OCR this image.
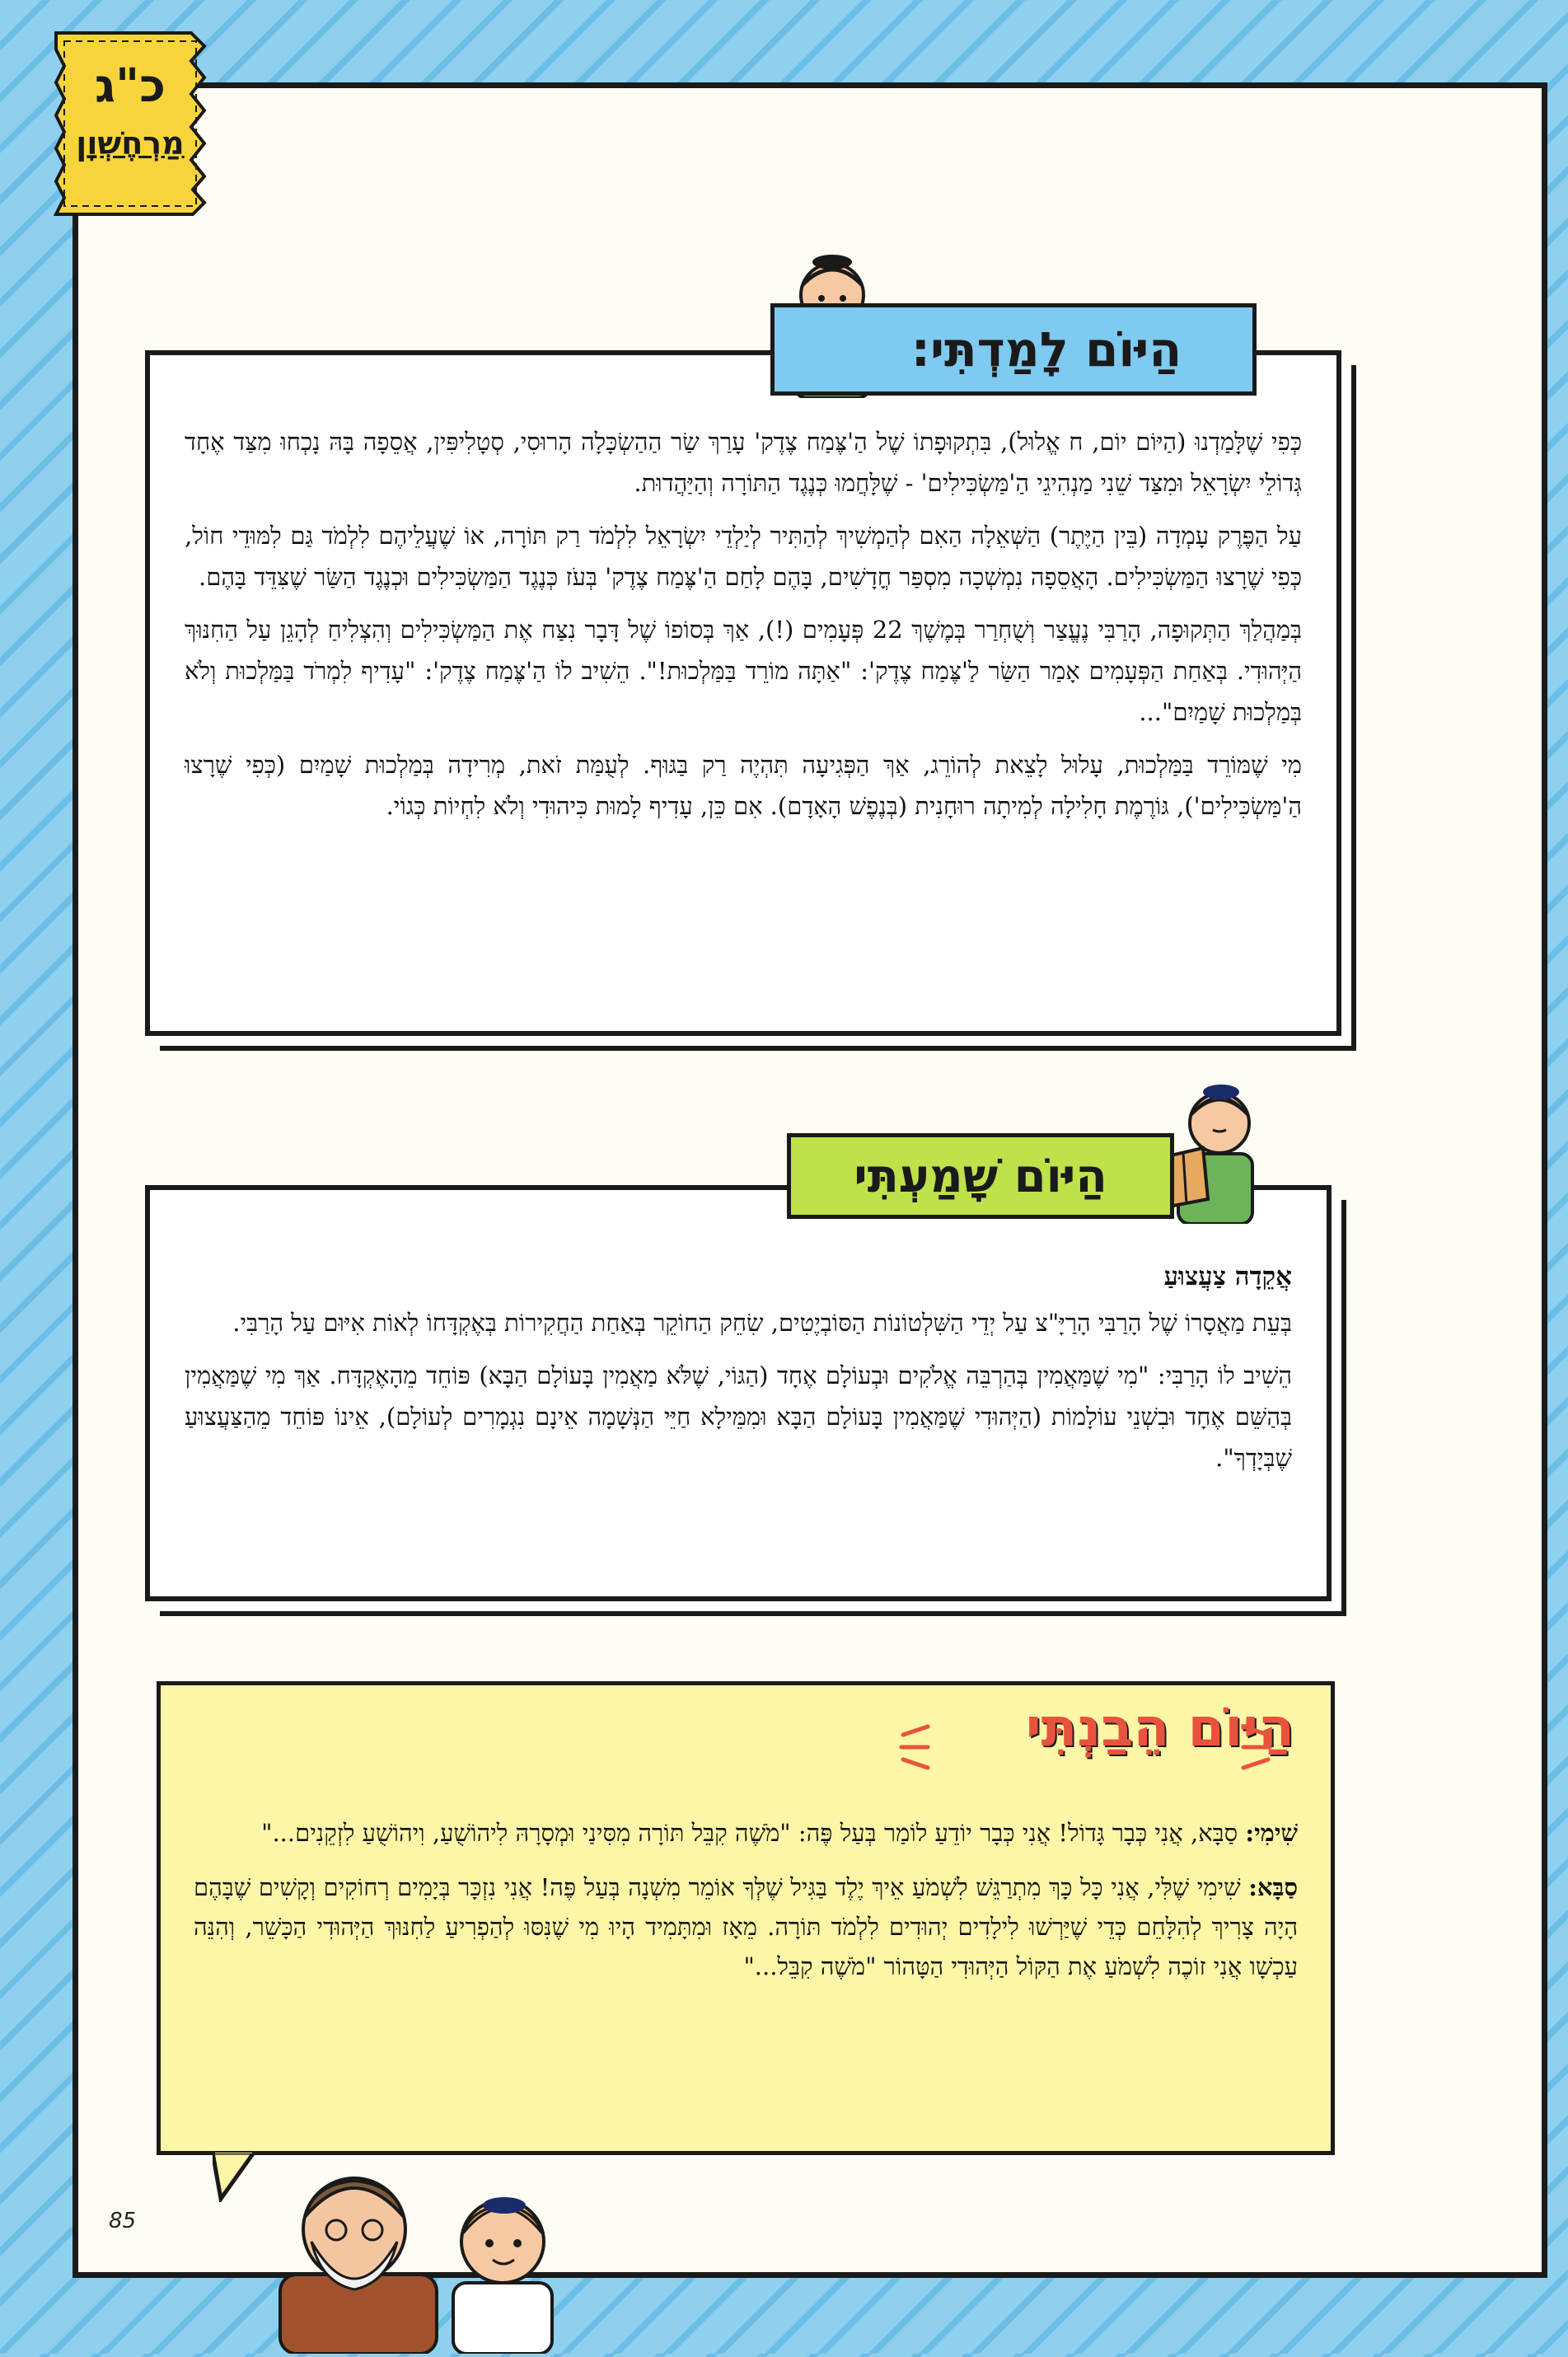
כ"ג
מַרְחֶשְׁוָן

כְּפִי שֶׁלָּמַדְנוּ (הַיּוֹם יוֹם, ח אֱלוּל), בִּתְקוּפָתוֹ שֶׁל הַ'צֶּמַח צֶדֶק' עָרַךְ שַׂר הַהַשְׂכָּלָה הָרוּסִי, סְטָלִיפִּין, אֲסֵפָה בָּהּ נָכְחוּ מִצַּד אֶחָד גְּדוֹלֵי יִשְׂרָאֵל וּמִצַּד שֵׁנִי מַנְהִיגֵי הַ'מַּשְׂכִּילִים' - שֶׁלָּחֲמוּ כְּנֶגֶד הַתּוֹרָה וְהַיַּהֲדוּת.

עַל הַפֶּרֶק עָמְדָה (בֵּין הַיֶּתֶר) הַשְּׁאֵלָה הַאִם לְהַמְשִׁיךְ לְהַתִּיר לְיַלְדֵי יִשְׂרָאֵל לִלְמֹד רַק תּוֹרָה, אוֹ שֶׁעֲלֵיהֶם לִלְמֹד גַּם לִמּוּדֵי חוֹל, כְּפִי שֶׁרָצוּ הַמַּשְׂכִּילִים. הָאֲסֵפָה נִמְשְׁכָה מִסְפַּר חֳדָשִׁים, בָּהֶם לָחַם הַ'צֶּמַח צֶדֶק' בְּעֹז כְּנֶגֶד הַמַּשְׂכִּילִים וּכְנֶגֶד הַשַּׂר שֶׁצִּדֵּד בָּהֶם.

בְּמַהֲלַךְ הַתְּקוּפָה, הָרַבִּי נֶעֱצַר וְשֻׁחְרַר בְּמֶשֶׁךְ 22 פְּעָמִים (!), אַךְ בְּסוֹפוֹ שֶׁל דָּבָר נִצַּח אֶת הַמַּשְׂכִּילִים וְהִצְלִיחַ לְהָגֵן עַל הַחִנּוּךְ הַיְּהוּדִי. בְּאַחַת הַפְּעָמִים אָמַר הַשַּׂר לַ'צֶּמַח צֶדֶק': "אַתָּה מוֹרֵד בַּמַּלְכוּת!". הֵשִׁיב לוֹ הַ'צֶּמַח צֶדֶק': "עָדִיף לִמְרֹד בַּמַּלְכוּת וְלֹא בְּמַלְכוּת שָׁמַיִם"...

מִי שֶׁמּוֹרֵד בַּמַּלְכוּת, עָלוּל לָצֵאת לְהוֹרֵג, אַךְ הַפְּגִיעָה תִּהְיֶה רַק בַּגּוּף. לְעֻמַּת זֹאת, מְרִידָה בְּמַלְכוּת שָׁמַיִם (כְּפִי שֶׁרָצוּ הַ'מַּשְׂכִּילִים'), גּוֹרֶמֶת חָלִילָה לְמִיתָה רוּחָנִית (בְּנֶפֶשׁ הָאָדָם). אִם כֵּן, עָדִיף לָמוּת כִּיהוּדִי וְלֹא לִחְיוֹת כְּגוֹי.

הַיּוֹם לָמַדְתִּי:

אֲקֵדָה צַעֲצוּעַ

בְּעֵת מַאֲסָרוֹ שֶׁל הָרַבִּי הָרַיָּ"צ עַל יְדֵי הַשִּׁלְטוֹנוֹת הַסּוֹבְיֶטִים, שִׂחֵק הַחוֹקֵר בְּאַחַת הַחֲקִירוֹת בְּאֶקְדָּחוֹ לְאוֹת אִיּוּם עַל הָרַבִּי.

הֵשִׁיב לוֹ הָרַבִּי: "מִי שֶׁמַּאֲמִין בְּהַרְבֵּה אֱלֹקִים וּבְעוֹלָם אֶחָד (הַגּוֹי, שֶׁלֹּא מַאֲמִין בָּעוֹלָם הַבָּא) פּוֹחֵד מֵהָאֶקְדָּח. אַךְ מִי שֶׁמַּאֲמִין בְּהַשֵּׁם אֶחָד וּבִשְׁנֵי עוֹלָמוֹת (הַיְּהוּדִי שֶׁמַּאֲמִין בָּעוֹלָם הַבָּא וּמִמֵּילָא חַיֵּי הַנְּשָׁמָה אֵינָם נִגְמָרִים לְעוֹלָם), אֵינוֹ פּוֹחֵד מֵהַצַּעֲצוּעַ שֶׁבְּיָדְךָ".

הַיּוֹם שָׁמַעְתִּי

שִׁימִי: סַבָּא, אֲנִי כְּבָר גָּדוֹל! אֲנִי כְּבָר יוֹדֵעַ לוֹמַר בְּעַל פֶּה: "מֹשֶׁה קִבֵּל תּוֹרָה מִסִּינַי וּמְסָרָהּ לִיהוֹשֻׁעַ, וִיהוֹשֻׁעַ לִזְקֵנִים..."

סַבָּא: שִׁימִי שֶׁלִּי, אֲנִי כָּל כָּךְ מִתְרַגֵּשׁ לִשְׁמֹעַ אֵיךְ יֶלֶד בַּגִּיל שֶׁלְּךָ אוֹמֵר מִשְׁנָה בְּעַל פֶּה! אֲנִי נִזְכָּר בְּיָמִים רְחוֹקִים וְקָשִׁים שֶׁבָּהֶם הָיָה צָרִיךְ לְהִלָּחֵם כְּדֵי שֶׁיַּרְשׁוּ לִילָדִים יְהוּדִים לִלְמֹד תּוֹרָה. מֵאָז וּמִתָּמִיד הָיוּ מִי שֶׁנִּסּוּ לְהַפְרִיעַ לַחִנּוּךְ הַיְּהוּדִי הַכָּשֵׁר, וְהִנֵּה עַכְשָׁו אֲנִי זוֹכֶה לִשְׁמֹעַ אֶת הַקּוֹל הַיְּהוּדִי הַטָּהוֹר "מֹשֶׁה קִבֵּל..."

הַיּוֹם הֵבַנְתִּי
85
